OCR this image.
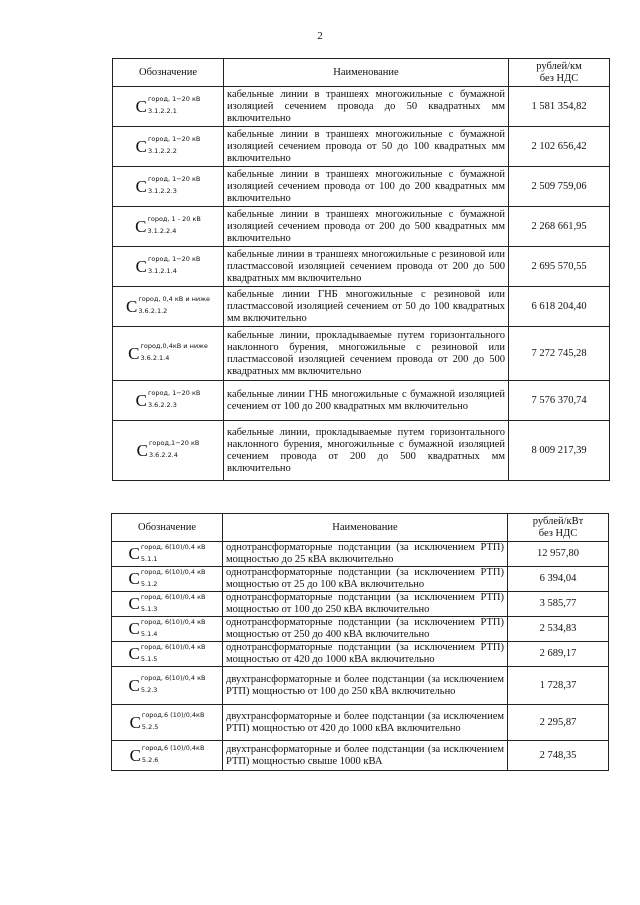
2
Обозначение	Наименование	рублей/км
без НДС

C город, 1−20 кВ
3.1.2.2.1	кабельные линии в траншеях многожильные с бумажной изоляцией сечением провода до 50 квадратных мм включительно	1 581 354,82

C город, 1−20 кВ
3.1.2.2.2	кабельные линии в траншеях многожильные с бумажной изоляцией сечением провода от 50 до 100 квадратных мм включительно	2 102 656,42

C город, 1−20 кВ
3.1.2.2.3	кабельные линии в траншеях многожильные с бумажной изоляцией сечением провода от 100 до 200 квадратных мм включительно	2 509 759,06

C город, 1 - 20 кВ
3.1.2.2.4	кабельные линии в траншеях многожильные с бумажной изоляцией сечением провода от 200 до 500 квадратных мм включительно	2 268 661,95

C город, 1−20 кВ
3.1.2.1.4	кабельные линии в траншеях многожильные с резиновой или пластмассовой изоляцией сечением провода от 200 до 500 квадратных мм включительно	2 695 570,55

C город, 0,4 кВ и ниже
3.6.2.1.2	кабельные линии ГНБ многожильные с резиновой или пластмассовой изоляцией сечением от 50 до 100 квадратных мм включительно	6 618 204,40

C город,0,4кВ и ниже
3.6.2.1.4	кабельные линии, прокладываемые путем горизонтального наклонного бурения, многожильные с резиновой или пластмассовой изоляцией сечением провода от 200 до 500 квадратных мм включительно	7 272 745,28

C город, 1−20 кВ
3.6.2.2.3	кабельные линии ГНБ многожильные с бумажной изоляцией сечением от 100 до 200 квадратных мм включительно	7 576 370,74

C город,1−20 кВ
3.6.2.2.4	кабельные линии, прокладываемые путем горизонтального наклонного бурения, многожильные с бумажной изоляцией сечением провода от 200 до 500 квадратных мм включительно	8 009 217,39
Обозначение	Наименование	рублей/кВт
без НДС

C город, 6(10)/0,4 кВ
5.1.1	однотрансформаторные подстанции (за исключением РТП) мощностью до 25 кВА включительно	12 957,80

C город, 6(10)/0,4 кВ
5.1.2	однотрансформаторные подстанции (за исключением РТП) мощностью от 25 до 100 кВА включительно	6 394,04

C город, 6(10)/0,4 кВ
5.1.3	однотрансформаторные подстанции (за исключением РТП) мощностью от 100 до 250 кВА включительно	3 585,77

C город, 6(10)/0,4 кВ
5.1.4	однотрансформаторные подстанции (за исключением РТП) мощностью от 250 до 400 кВА включительно	2 534,83

C город, 6(10)/0,4 кВ
5.1.5	однотрансформаторные подстанции (за исключением РТП) мощностью от 420 до 1000 кВА включительно	2 689,17

C город, 6(10)/0,4 кВ
5.2.3	двухтрансформаторные и более подстанции (за исключением РТП) мощностью от 100 до 250 кВА включительно	1 728,37

C город,6 (10)/0,4кВ
5.2.5	двухтрансформаторные и более подстанции (за исключением РТП) мощностью от 420 до 1000 кВА включительно	2 295,87

C город,6 (10)/0,4кВ
5.2.6	двухтрансформаторные и более подстанции (за исключением РТП) мощностью свыше 1000 кВА	2 748,35
